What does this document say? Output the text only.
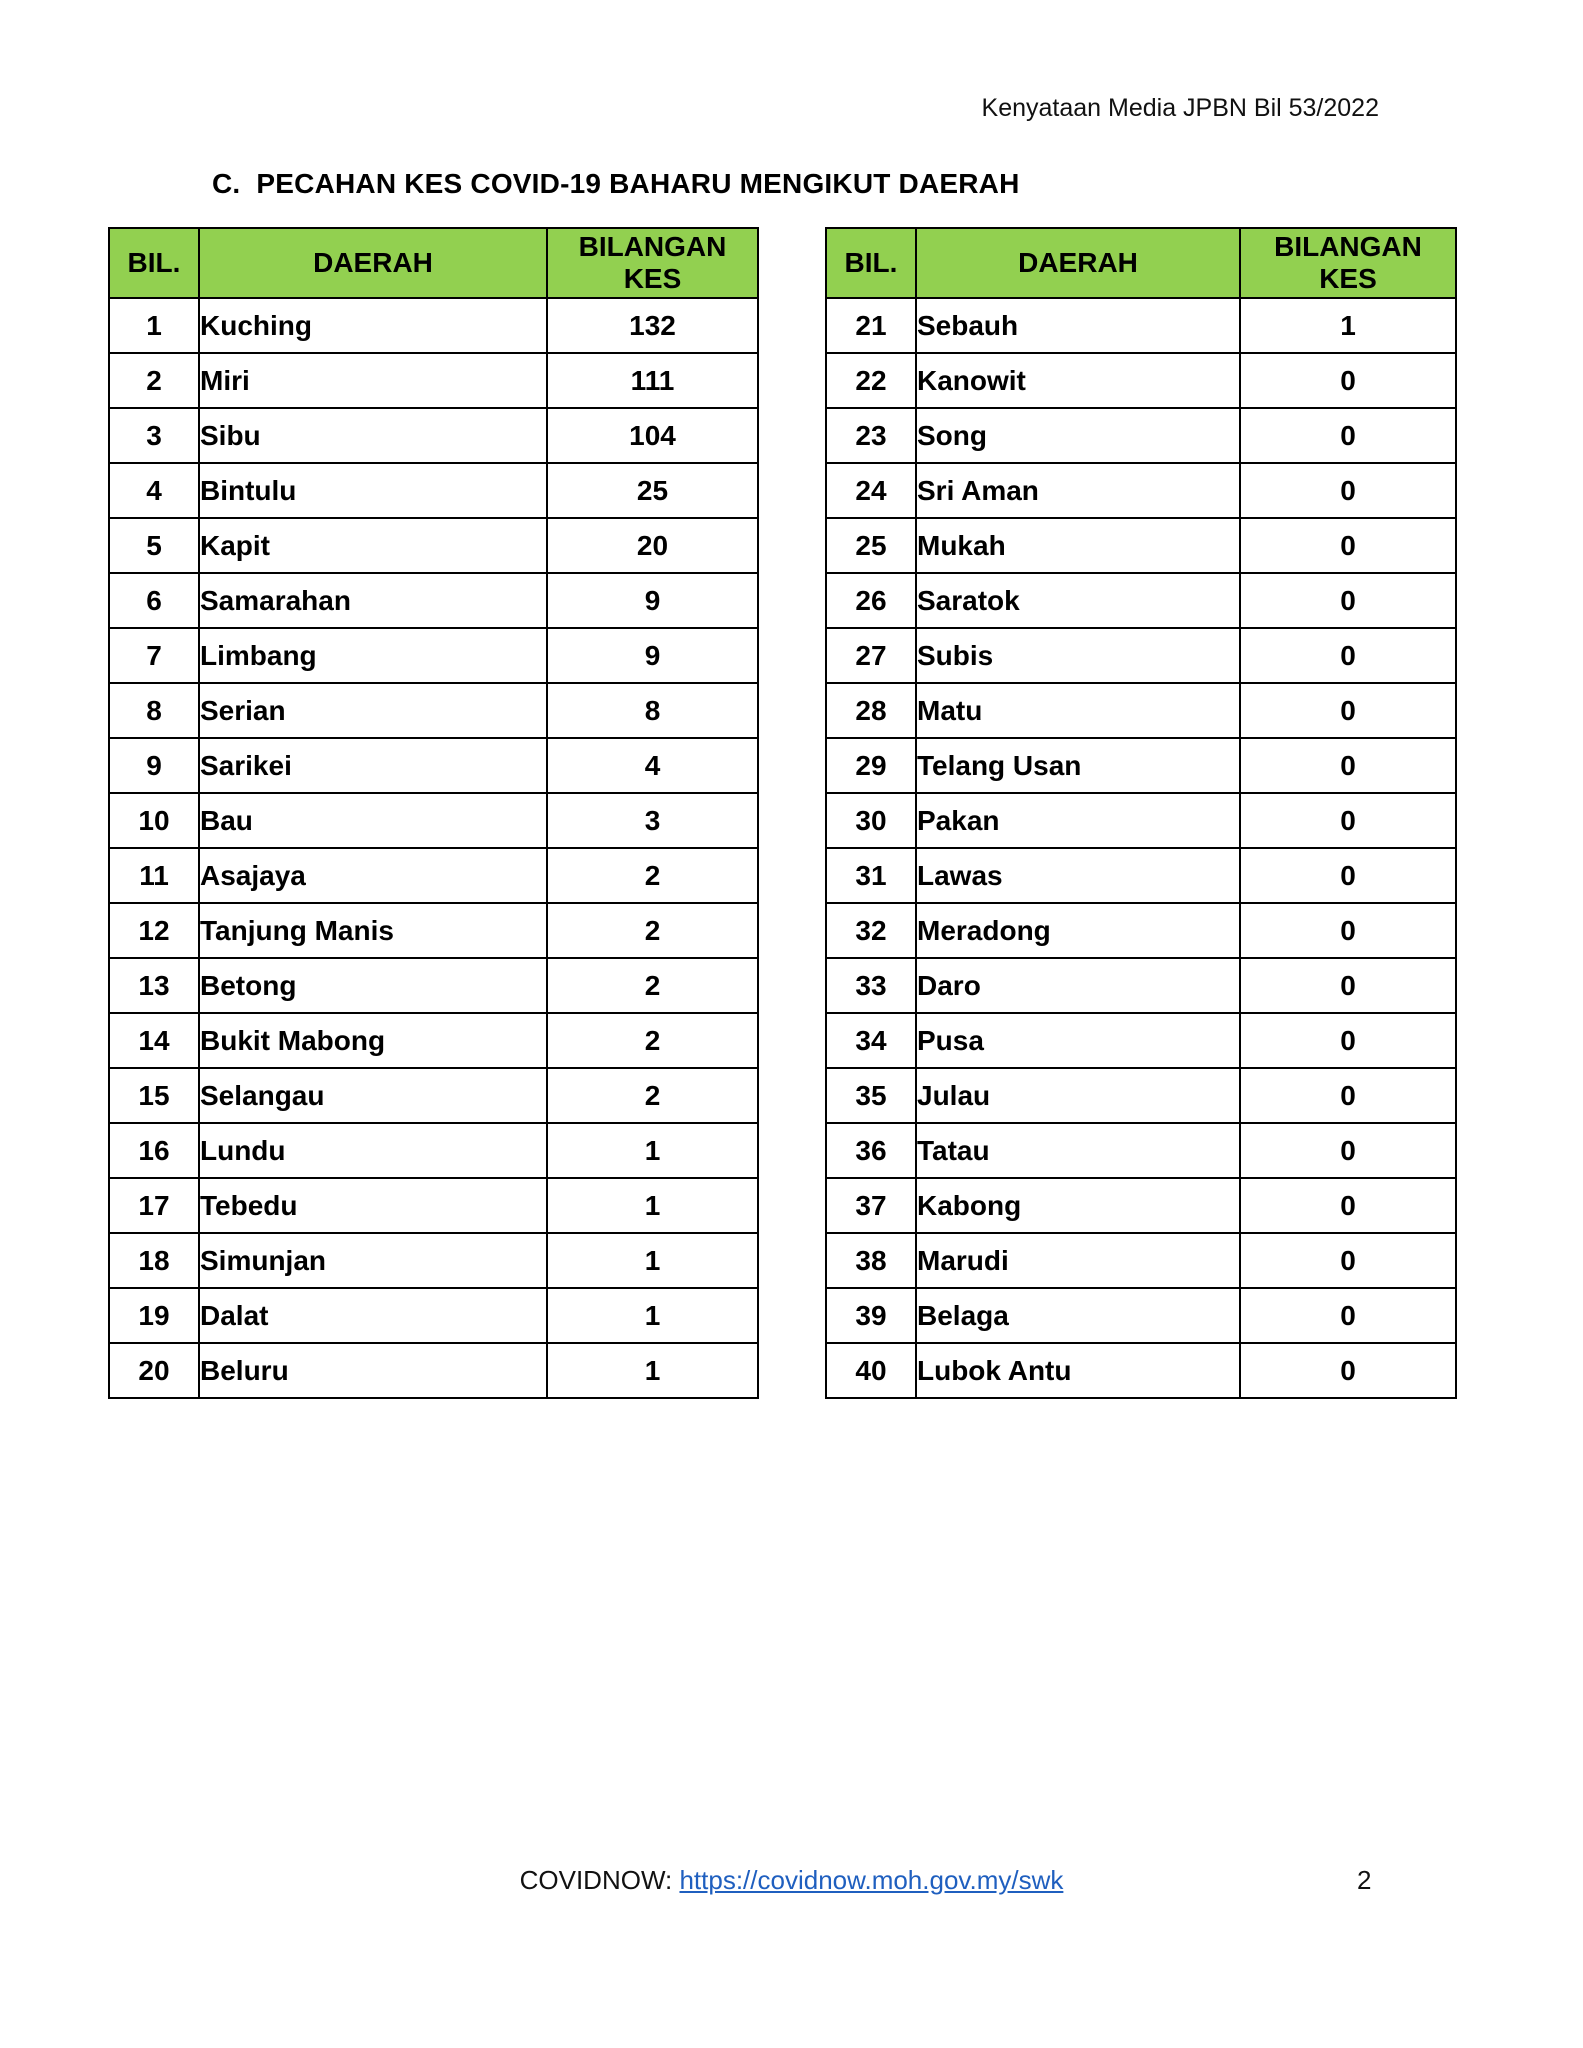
Kenyataan Media JPBN Bil 53/2022
C. PECAHAN KES COVID-19 BAHARU MENGIKUT DAERAH
BIL.	DAERAH	BILANGAN
KES
1	Kuching	132
2	Miri	111
3	Sibu	104
4	Bintulu	25
5	Kapit	20
6	Samarahan	9
7	Limbang	9
8	Serian	8
9	Sarikei	4
10	Bau	3
11	Asajaya	2
12	Tanjung Manis	2
13	Betong	2
14	Bukit Mabong	2
15	Selangau	2
16	Lundu	1
17	Tebedu	1
18	Simunjan	1
19	Dalat	1
20	Beluru	1
BIL.	DAERAH	BILANGAN
KES
21	Sebauh	1
22	Kanowit	0
23	Song	0
24	Sri Aman	0
25	Mukah	0
26	Saratok	0
27	Subis	0
28	Matu	0
29	Telang Usan	0
30	Pakan	0
31	Lawas	0
32	Meradong	0
33	Daro	0
34	Pusa	0
35	Julau	0
36	Tatau	0
37	Kabong	0
38	Marudi	0
39	Belaga	0
40	Lubok Antu	0
COVIDNOW: https://covidnow.moh.gov.my/swk	2
